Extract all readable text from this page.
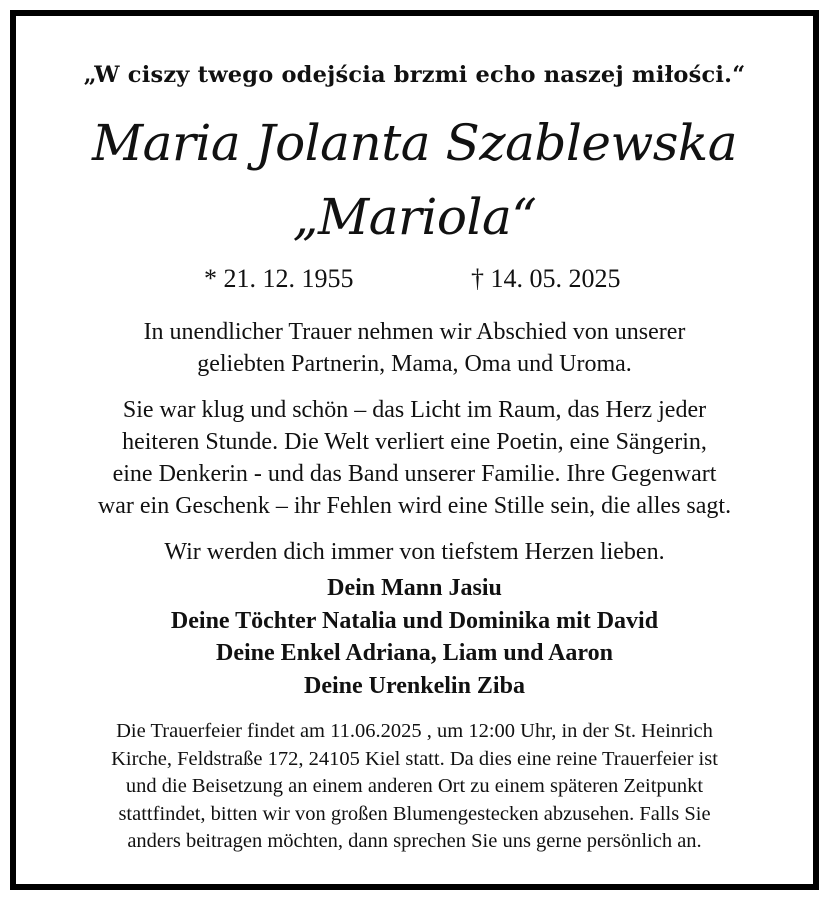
„W ciszy twego odejścia brzmi echo naszej miłości.“

Maria Jolanta Szablewska

„Mariola“

* 21. 12. 1955	† 14. 05. 2025
In unendlicher Trauer nehmen wir Abschied von unserer
geliebten Partnerin, Mama, Oma und Uroma.
Sie war klug und schön – das Licht im Raum, das Herz jeder
heiteren Stunde. Die Welt verliert eine Poetin, eine Sängerin,
eine Denkerin - und das Band unserer Familie. Ihre Gegenwart
war ein Geschenk – ihr Fehlen wird eine Stille sein, die alles sagt.

Wir werden dich immer von tiefstem Herzen lieben.

Dein Mann Jasiu
Deine Töchter Natalia und Dominika mit David
Deine Enkel Adriana, Liam und Aaron
Deine Urenkelin Ziba
Die Trauerfeier findet am 11.06.2025 , um 12:00 Uhr, in der St. Heinrich
Kirche, Feldstraße 172, 24105 Kiel statt. Da dies eine reine Trauerfeier ist
und die Beisetzung an einem anderen Ort zu einem späteren Zeitpunkt
stattfindet, bitten wir von großen Blumengestecken abzusehen. Falls Sie
anders beitragen möchten, dann sprechen Sie uns gerne persönlich an.
